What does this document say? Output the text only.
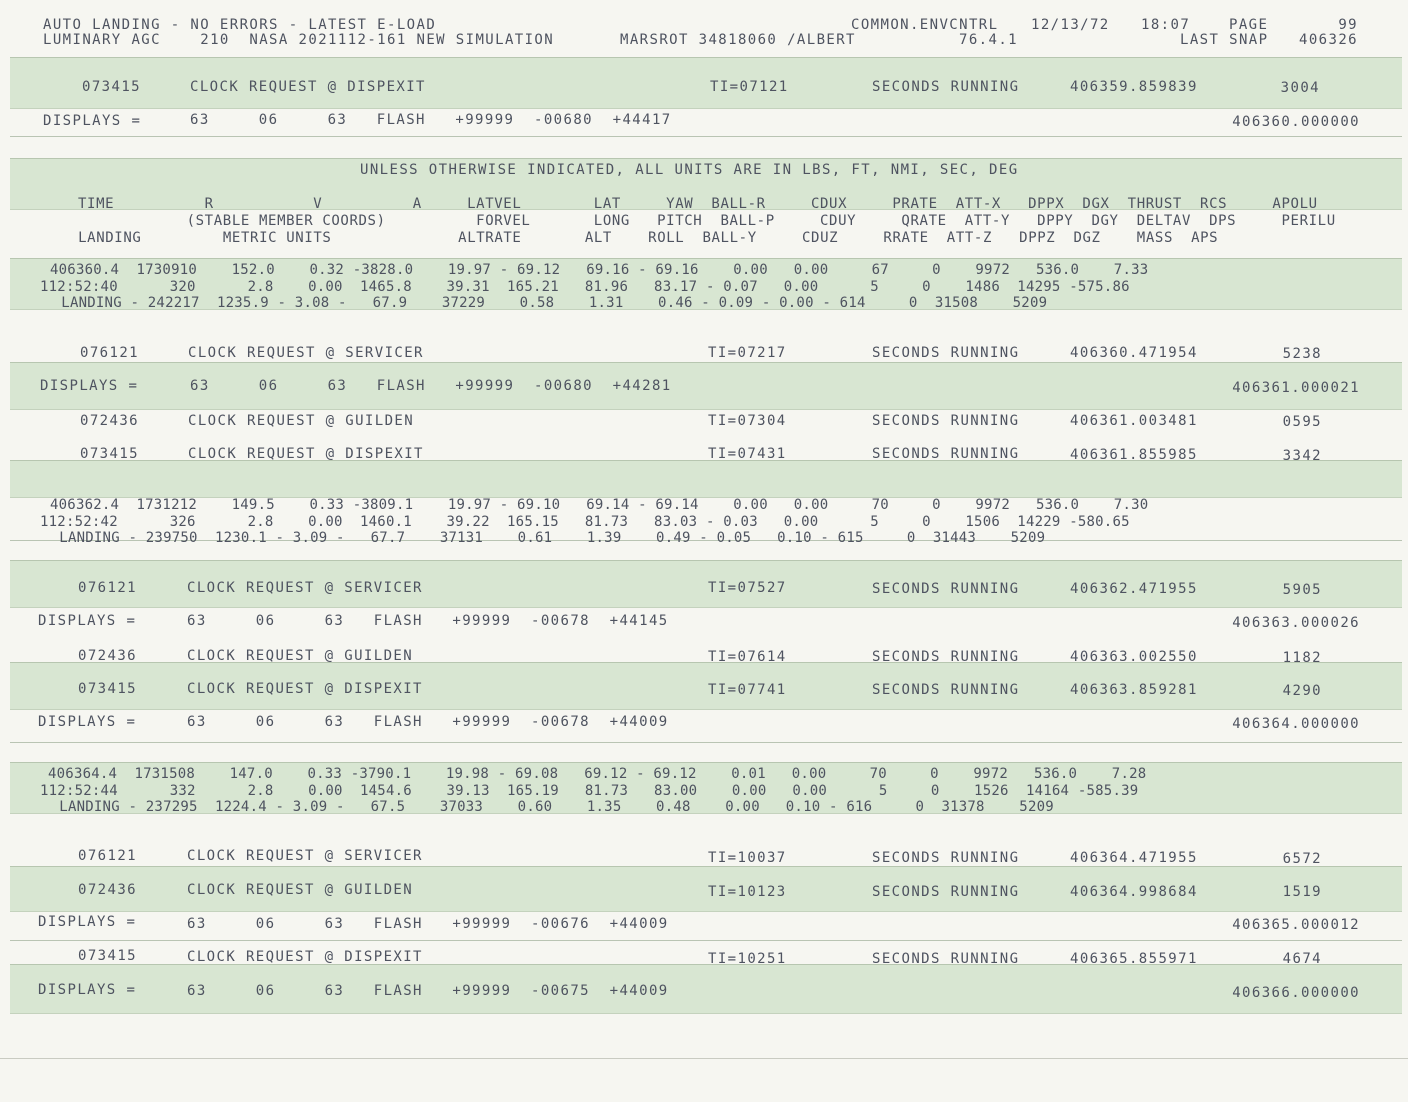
AUTO LANDING - NO ERRORS - LATEST E-LOAD	COMMON.ENVCNTRL 12/13/72 18:07	PAGE	99
LUMINARY AGC    210  NASA 2021112-161 NEW SIMULATION	MARSROT 34818060 /ALBERT	76.4.1	LAST SNAP	406326
UNLESS OTHERWISE INDICATED, ALL UNITS ARE IN LBS, FT, NMI, SEC, DEG
TIME          R           V          A     LATVEL        LAT     YAW  BALL-R     CDUX     PRATE  ATT-X   DPPX  DGX  THRUST  RCS     APOLU
(STABLE MEMBER COORDS)          FORVEL       LONG   PITCH  BALL-P     CDUY     QRATE  ATT-Y   DPPY  DGY  DELTAV  DPS     PERILU
LANDING         METRIC UNITS              ALTRATE       ALT    ROLL  BALL-Y     CDUZ     RRATE  ATT-Z   DPPZ  DGZ    MASS  APS
073415	CLOCK REQUEST @ DISPEXIT	TI=07121	SECONDS RUNNING	406359.859839	3004
076121	CLOCK REQUEST @ SERVICER	TI=07217	SECONDS RUNNING	406360.471954	5238
072436	CLOCK REQUEST @ GUILDEN	TI=07304	SECONDS RUNNING	406361.003481	0595
073415	CLOCK REQUEST @ DISPEXIT	TI=07431	SECONDS RUNNING	406361.855985	3342
076121	CLOCK REQUEST @ SERVICER	TI=07527	SECONDS RUNNING	406362.471955	5905
072436	CLOCK REQUEST @ GUILDEN	TI=07614	SECONDS RUNNING	406363.002550	1182
073415	CLOCK REQUEST @ DISPEXIT	TI=07741	SECONDS RUNNING	406363.859281	4290
076121	CLOCK REQUEST @ SERVICER	TI=10037	SECONDS RUNNING	406364.471955	6572
072436	CLOCK REQUEST @ GUILDEN	TI=10123	SECONDS RUNNING	406364.998684	1519
073415	CLOCK REQUEST @ DISPEXIT	TI=10251	SECONDS RUNNING	406365.855971	4674
DISPLAYS =	63     06     63   FLASH   +99999  -00680  +44417	406360.000000
DISPLAYS =	63     06     63   FLASH   +99999  -00680  +44281	406361.000021
DISPLAYS =	63     06     63   FLASH   +99999  -00678  +44145	406363.000026
DISPLAYS =	63     06     63   FLASH   +99999  -00678  +44009	406364.000000
DISPLAYS =	63     06     63   FLASH   +99999  -00676  +44009	406365.000012
DISPLAYS =	63     06     63   FLASH   +99999  -00675  +44009	406366.000000
406360.4  1730910    152.0    0.32 -3828.0    19.97 - 69.12   69.16 - 69.16    0.00   0.00     67     0    9972   536.0    7.33
112:52:40      320      2.8    0.00  1465.8    39.31  165.21   81.96   83.17 - 0.07   0.00      5     0    1486  14295 -575.86
LANDING - 242217  1235.9 - 3.08 -   67.9    37229    0.58    1.31    0.46 - 0.09 - 0.00 - 614     0  31508    5209
406362.4  1731212    149.5    0.33 -3809.1    19.97 - 69.10   69.14 - 69.14    0.00   0.00     70     0    9972   536.0    7.30
112:52:42      326      2.8    0.00  1460.1    39.22  165.15   81.73   83.03 - 0.03   0.00      5     0    1506  14229 -580.65
LANDING - 239750  1230.1 - 3.09 -   67.7    37131    0.61    1.39    0.49 - 0.05   0.10 - 615     0  31443    5209
406364.4  1731508    147.0    0.33 -3790.1    19.98 - 69.08   69.12 - 69.12    0.01   0.00     70     0    9972   536.0    7.28
112:52:44      332      2.8    0.00  1454.6    39.13  165.19   81.73   83.00    0.00   0.00      5     0    1526  14164 -585.39
LANDING - 237295  1224.4 - 3.09 -   67.5    37033    0.60    1.35    0.48    0.00   0.10 - 616     0  31378    5209
